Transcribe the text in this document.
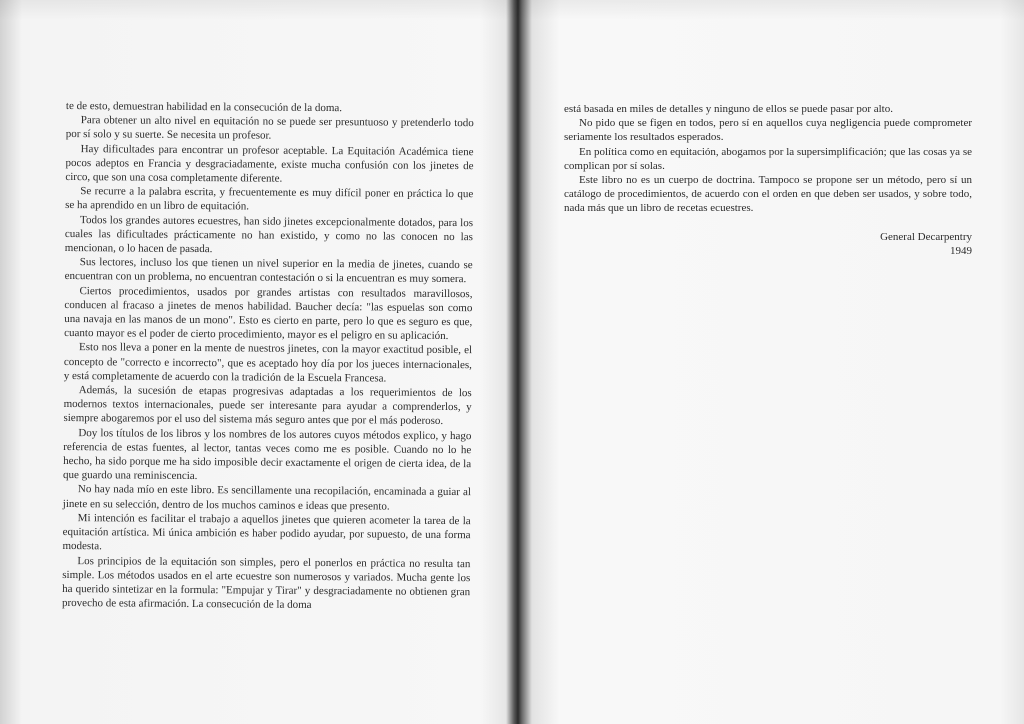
te de esto, demuestran habilidad en la consecución de la doma.

Para obtener un alto nivel en equitación no se puede ser presuntuoso y pretenderlo todo por sí solo y su suerte. Se necesita un profesor.

Hay dificultades para encontrar un profesor aceptable. La Equitación Académica tiene pocos adeptos en Francia y desgraciadamente, existe mucha confusión con los jinetes de circo, que son una cosa completamente diferente.

Se recurre a la palabra escrita, y frecuentemente es muy difícil poner en práctica lo que se ha aprendido en un libro de equitación.

Todos los grandes autores ecuestres, han sido jinetes excepcionalmente dotados, para los cuales las dificultades prácticamente no han existido, y como no las conocen no las mencionan, o lo hacen de pasada.

Sus lectores, incluso los que tienen un nivel superior en la media de jinetes, cuando se encuentran con un problema, no encuentran contestación o si la encuentran es muy somera.

Ciertos procedimientos, usados por grandes artistas con resultados maravillosos, conducen al fracaso a jinetes de menos habilidad. Baucher decía: "las espuelas son como una navaja en las manos de un mono". Esto es cierto en parte, pero lo que es seguro es que, cuanto mayor es el poder de cierto procedimiento, mayor es el peligro en su aplicación.

Esto nos lleva a poner en la mente de nuestros jinetes, con la mayor exactitud posible, el concepto de "correcto e incorrecto", que es aceptado hoy día por los jueces internacionales, y está completamente de acuerdo con la tradición de la Escuela Francesa.

Además, la sucesión de etapas progresivas adaptadas a los requerimientos de los modernos textos internacionales, puede ser interesante para ayudar a comprenderlos, y siempre abogaremos por el uso del sistema más seguro antes que por el más poderoso.

Doy los títulos de los libros y los nombres de los autores cuyos métodos explico, y hago referencia de estas fuentes, al lector, tantas veces como me es posible. Cuando no lo he hecho, ha sido porque me ha sido imposible decir exactamente el origen de cierta idea, de la que guardo una reminiscencia.

No hay nada mío en este libro. Es sencillamente una recopilación, encaminada a guiar al jinete en su selección, dentro de los muchos caminos e ideas que presento.

Mi intención es facilitar el trabajo a aquellos jinetes que quieren acometer la tarea de la equitación artística. Mi única ambición es haber podido ayudar, por supuesto, de una forma modesta.

Los principios de la equitación son simples, pero el ponerlos en práctica no resulta tan simple. Los métodos usados en el arte ecuestre son numerosos y variados. Mucha gente los ha querido sintetizar en la formula: "Empujar y Tirar" y desgraciadamente no obtienen gran provecho de esta afirmación. La consecución de la doma

está basada en miles de detalles y ninguno de ellos se puede pasar por alto.

No pido que se figen en todos, pero sí en aquellos cuya negligencia puede comprometer seriamente los resultados esperados.

En política como en equitación, abogamos por la supersimplificación; que las cosas ya se complican por sí solas.

Este libro no es un cuerpo de doctrina. Tampoco se propone ser un método, pero sí un catálogo de procedimientos, de acuerdo con el orden en que deben ser usados, y sobre todo, nada más que un libro de recetas ecuestres.

General Decarpentry

1949
